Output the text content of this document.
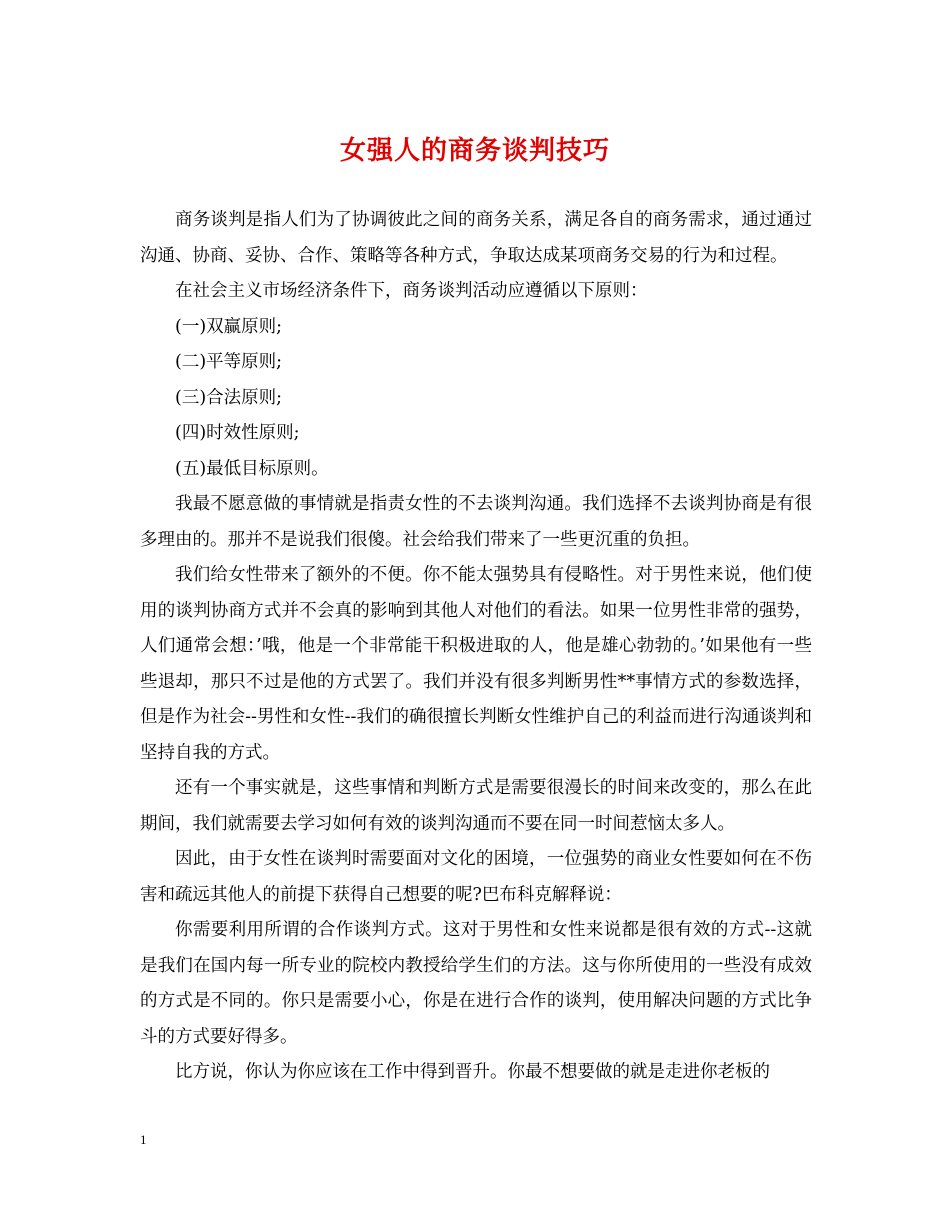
女强人的商务谈判技巧

商务谈判是指人们为了协调彼此之间的商务关系，满足各自的商务需求，通过通过沟通、协商、妥协、合作、策略等各种方式，争取达成某项商务交易的行为和过程。

在社会主义市场经济条件下，商务谈判活动应遵循以下原则：

(一)双赢原则;

(二)平等原则;

(三)合法原则;

(四)时效性原则;

(五)最低目标原则。

我最不愿意做的事情就是指责女性的不去谈判沟通。我们选择不去谈判协商是有很多理由的。那并不是说我们很傻。社会给我们带来了一些更沉重的负担。

我们给女性带来了额外的不便。你不能太强势具有侵略性。对于男性来说，他们使用的谈判协商方式并不会真的影响到其他人对他们的看法。如果一位男性非常的强势，人们通常会想：’哦，他是一个非常能干积极进取的人，他是雄心勃勃的。’如果他有一些些退却，那只不过是他的方式罢了。我们并没有很多判断男性**事情方式的参数选择，但是作为社会--男性和女性--我们的确很擅长判断女性维护自己的利益而进行沟通谈判和坚持自我的方式。

还有一个事实就是，这些事情和判断方式是需要很漫长的时间来改变的，那么在此期间，我们就需要去学习如何有效的谈判沟通而不要在同一时间惹恼太多人。

因此，由于女性在谈判时需要面对文化的困境，一位强势的商业女性要如何在不伤害和疏远其他人的前提下获得自己想要的呢?巴布科克解释说：

你需要利用所谓的合作谈判方式。这对于男性和女性来说都是很有效的方式--这就是我们在国内每一所专业的院校内教授给学生们的方法。这与你所使用的一些没有成效的方式是不同的。你只是需要小心，你是在进行合作的谈判，使用解决问题的方式比争斗的方式要好得多。

比方说，你认为你应该在工作中得到晋升。你最不想要做的就是走进你老板的

1
